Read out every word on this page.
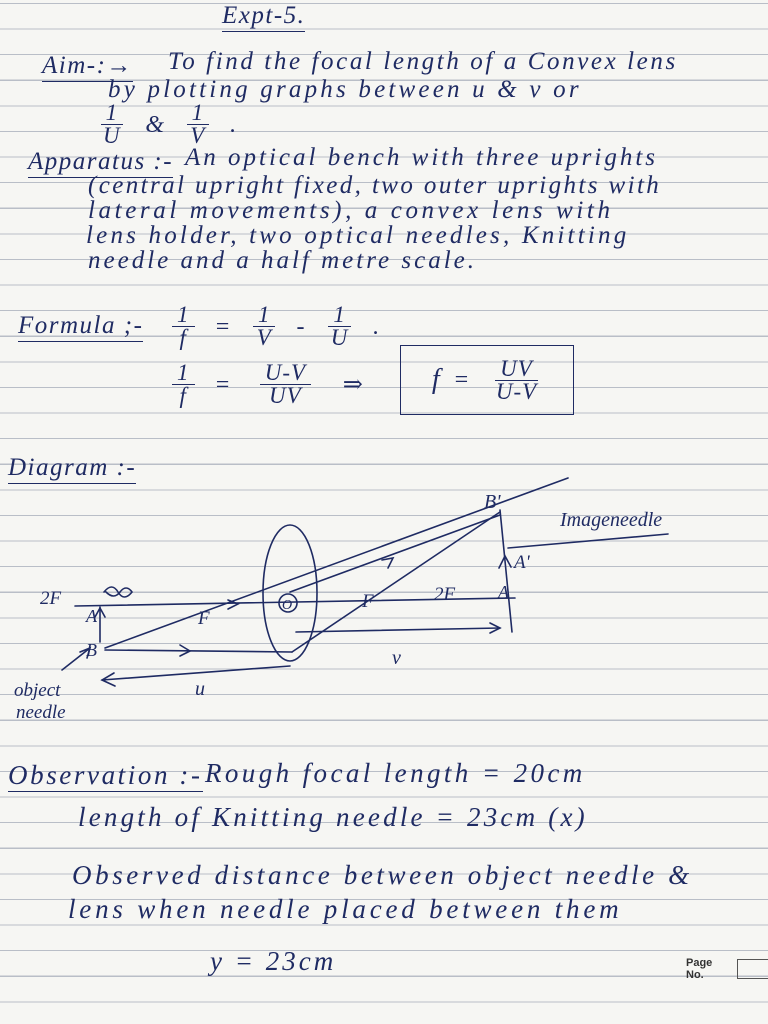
Expt-5.
Aim-:→ To find the focal length of a Convex lens
by plotting graphs between u & v or
$\frac{1}{U}$ & $\frac{1}{V}$ .
Apparatus :- An optical bench with three uprights
(central upright fixed, two outer uprights with
lateral movements), a convex lens with
lens holder, two optical needles, Knitting
needle and a half metre scale.
Formula ;- $\frac{1}{f} = \frac{1}{V} - \frac{1}{U}$ .
$\frac{1}{f} = \frac{U-V}{UV}$ ⇒ $f = \frac{UV}{U-V}$
Diagram :-
B'
Imageneedle
A'
2F
F
O	F	2F A
A
B	v
u
object
needle
Observation :- Rough focal length = 20cm
length of Knitting needle = 23cm (x)
Observed distance between object needle &
lens when needle placed between them
y = 23cm	Page No.
